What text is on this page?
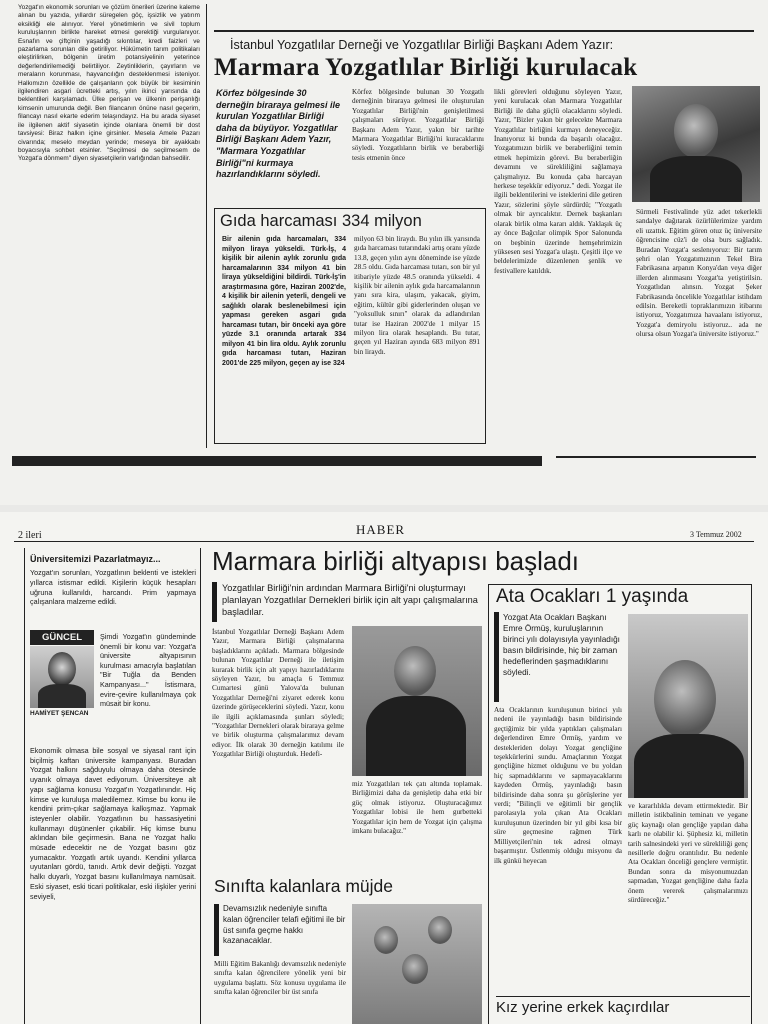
Yozgat'ın ekonomik sorunları ve çözüm önerileri üzerine kaleme alınan bu yazıda, yıllardır süregelen göç, işsizlik ve yatırım eksikliği ele alınıyor. Yerel yönetimlerin ve sivil toplum kuruluşlarının birlikte hareket etmesi gerektiği vurgulanıyor. Esnafın ve çiftçinin yaşadığı sıkıntılar, kredi faizleri ve pazarlama sorunları dile getiriliyor. Hükümetin tarım politikaları eleştirilirken, bölgenin üretim potansiyelinin yeterince değerlendirilemediği belirtiliyor. Zeytinliklerin, çayırların ve meraların korunması, hayvancılığın desteklenmesi isteniyor. Halkımızın özellikle de çalışanların çok büyük bir kesiminin ilgilendiren asgari ücretteki artış, yılın ikinci yarısında da beklentileri karşılamadı. Ülke perişan ve ülkenin perişanlığı kimsenin umurunda değil. Ben filancanın önüne nasıl geçerim, filancayı nasıl ekarte ederim telaşındayız. Ha bu arada siyaset ile ilgilenen aktif siyasetin içinde olanlara önemli bir dost tavsiyesi: Biraz halkın içine girsinler. Mesela Amele Pazarı civarında; meselo meydan yerinde; meseya bir ayakkabı boyacısıyla sohbet etsinler. "Seçilmesi de seçilmesem de Yozgat'a dönmem" diyen siyasetçilerin varlığından bahsedilir.
İstanbul Yozgatlılar Derneği ve Yozgatlılar Birliği Başkanı Adem Yazır:
Marmara Yozgatlılar Birliği kurulacak
Körfez bölgesinde 30 derneğin biraraya gelmesi ile kurulan Yozgatlılar Birliği daha da büyüyor. Yozgatlılar Birliği Başkanı Adem Yazır, "Marmara Yozgatlılar Birliği"ni kurmaya hazırlandıklarını söyledi.
Körfez bölgesinde bulunan 30 Yozgatlı derneğinin biraraya gelmesi ile oluşturulan Yozgatlılar Birliği'nin genişletilmesi çalışmaları sürüyor. Yozgatlılar Birliği Başkanı Adem Yazır, yakın bir tarihte Marmara Yozgatlılar Birliği'ni kuracaklarını söyledi. Yozgatlıların birlik ve beraberliği tesis etmenin önce
likli görevleri olduğunu söyleyen Yazır, yeni kurulacak olan Marmara Yozgatlılar Birliği ile daha güçlü olacaklarını söyledi. Yazır, "Bizler yakın bir gelecekte Marmara Yozgatlılar birliğini kurmayı deneyeceğiz. İnanıyoruz ki bunda da başarılı olacağız. Yozgatımızın birlik ve beraberliğini temin etmek hepimizin görevi. Bu beraberliğin devamını ve sürekliliğini sağlamaya çalışmalıyız. Bu konuda çaba harcayan herkese teşekkür ediyoruz." dedi. Yozgat ile ilgili beklentilerini ve isteklerini dile getiren Yazır, sözlerini şöyle sürdürdü; "Yozgatlı olmak bir ayrıcalıktır. Dernek başkanları olarak birlik olma kararı aldık. Yaklaşık üç ay önce Bağcılar olimpik Spor Salonunda on beşbinin üzerinde hemşehrimizin yüksesen sesi Yozgat'a ulaştı. Çeşitli ilçe ve beldelerimizde düzenlenen şenlik ve festivallere katıldık.
Sürmeli Festivalinde yüz adet tekerlekli sandalye dağıtarak özürlülerimize yardım eli uzattık. Eğitim gören otuz üç üniversite öğrencisine cüz'i de olsa burs sağladık. Buradan Yozgat'a seslenıyoruz: Bir tarım şehri olan Yozgatımızının Tekel Bira Fabrikasına arpanın Konya'dan veya diğer illerden alınmasını Yozgat'ta yetiştirilsin. Yozgatlıdan alınsın. Yozgat Şeker Fabrikasında öncelikle Yozgatlılar istihdam edilsin. Bereketli topraklarımızın itibarını istiyoruz, Yozgatımıza havaalanı istiyoruz, Yozgat'a demiryolu istiyoruz.. ada ne olursa olsun Yozgat'a üniversite istiyoruz."
Gıda harcaması 334 milyon
Bir ailenin gıda harcamaları, 334 milyon liraya yükseldi. Türk-İş, 4 kişilik bir ailenin aylık zorunlu gıda harcamalarının 334 milyon 41 bin liraya yükseldiğini bildirdi. Türk-İş'in araştırmasına göre, Haziran 2002'de, 4 kişilik bir ailenin yeterli, dengeli ve sağlıklı olarak beslenebilmesi için yapması gereken asgari gıda harcaması tutarı, bir önceki aya göre yüzde 3.1 oranında artarak 334 milyon 41 bin lira oldu. Aylık zorunlu gıda harcaması tutarı, Haziran 2001'de 225 milyon, geçen ay ise 324
milyon 63 bin liraydı. Bu yılın ilk yarısında gıda harcaması tutarındaki artış oranı yüzde 13.8, geçen yılın aynı döneminde ise yüzde 28.5 oldu. Gıda harcaması tutarı, son bir yıl itibariyle yüzde 48.5 oranında yükseldi. 4 kişilik bir ailenin aylık gıda harcamalarının yanı sıra kira, ulaşım, yakacak, giyim, eğitim, kültür gibi giderlerinden oluşan ve "yoksulluk sınırı" olarak da adlandırılan tutar ise Haziran 2002'de 1 milyar 15 milyon lira olarak hesaplandı. Bu tutar, geçen yıl Haziran ayında 683 milyon 891 bin liraydı.
2 ileri	HABER	3 Temmuz 2002
Üniversitemizi Pazarlatmayız...
Yozgat'ın sorunları, Yozgatlının beklenti ve istekleri yıllarca istismar edildi. Kişilerin küçük hesapları uğruna kullanıldı, harcandı. Prim yapmaya çalışanlara malzeme edildi.
GÜNCEL
HAMİYET ŞENCAN
Şimdi Yozgat'ın gündeminde önemli bir konu var: Yozgat'a üniversite altyapısının kurulması amacıyla başlatılan "Bir Tuğla da Benden Kampanyası..." İstismara, evire-çevire kullanılmaya çok müsait bir konu.
Ekonomik olmasa bile sosyal ve siyasal rant için biçilmiş kaftan üniversite kampanyası. Buradan Yozgat halkını sağduyulu olmaya daha ötesinde uyanık olmaya davet ediyorum. Üniversiteye alt yapı sağlama konusu Yozgat'ın Yozgatlınındır. Hiç kimse ve kuruluşa maledilemez. Kimse bu konu ile kendini prim-çıkar sağlamaya kalkışmaz. Yapmak isteyenler olabilir. Yozgatlının bu hassasiyetini kullanmayı düşünenler çıkabilir. Hiç kimse bunu aklından bile geçirmesin. Bana ne Yozgat halkı müsade edecektir ne de Yozgat basını göz yumacaktır. Yozgatlı artık uyandı. Kendini yıllarca uyutanları gördü, tanıdı. Artık devir değişti. Yozgat halkı duyarlı, Yozgat basını kullanılmaya namüsait. Eski siyaset, eski ticari politikalar, eski ilişkiler yerini seviyeli,
Marmara birliği altyapısı başladı
Yozgatlılar Birliği'nin ardından Marmara Birliği'ni oluşturmayı planlayan Yozgatlılar Dernekleri birlik için alt yapı çalışmalarına başladılar.
İstanbul Yozgatlılar Derneği Başkanı Adem Yazır, Marmara Birliği çalışmalarına başladıklarını açıkladı. Marmara bölgesinde bulunan Yozgatlılar Derneği ile iletişim kurarak birlik için alt yapıyı hazırladıklarını söyleyen Yazır, bu amaçla 6 Temmuz Cumartesi günü Yalova'da bulunan Yozgatlılar Derneği'ni ziyaret ederek konu üzerinde görüşeceklerini söyledi. Yazır, konu ile ilgili açıklamasında şunları söyledi; "Yozgatlılar Dernekleri olarak biraraya gelme ve birlik oluşturma çalışmalarımız devam ediyor. İlk olarak 30 derneğin katılımı ile Yozgatlılar Birliği oluşturduk. Hedefi-
miz Yozgatlıları tek çatı altında toplamak. Birliğimizi daha da genişletip daha etki bir güç olmak istiyoruz. Oluşturacağımız Yozgatlılar lobisi ile hem gurbetteki Yozgatlılar için hem de Yozgat için çalışma imkanı bulacağız."
Sınıfta kalanlara müjde
Devamsızlık nedeniyle sınıfta kalan öğrenciler telafi eğitimi ile bir üst sınıfa geçme hakkı kazanacaklar.
Milli Eğitim Bakanlığı devamsızlık nedeniyle sınıfta kalan öğrencilere yönelik yeni bir uygulama başlattı. Söz konusu uygulama ile sınıfta kalan öğrenciler bir üst sınıfa
Ata Ocakları 1 yaşında
Yozgat Ata Ocakları Başkanı Emre Örmüş, kuruluşlarının birinci yılı dolayısıyla yayınladığı basın bildirisinde, hiç bir zaman hedeflerinden şaşmadıklarını söyledi.
Ata Ocaklarının kuruluşunun birinci yılı nedeni ile yayınladığı basın bildirisinde geçtiğimiz bir yılda yaptıkları çalışmaları değerlendiren Emre Örmüş, yardım ve destekleriden dolayı Yozgat gençliğine teşekkürlerini sundu. Amaçlarının Yozgat gençliğine hizmet olduğunu ve bu yoldan hiç sapmadıklarını ve sapmayacaklarını kaydeden Örmüş, yayınladığı basın bildirisinde daha sonra şu görüşlerine yer verdi; "Bilinçli ve eğitimli bir gençlik parolasıyla yola çıkan Ata Ocakları kuruluşunun üzerinden bir yıl gibi kısa bir süre geçmesine rağmen Türk Milliyetçileri'nin tek adresi olmayı başarmıştır. Üstlenmiş olduğu misyonu da ilk günkü heyecan
ve kararlılıkla devam ettirmektedir. Bir milletin istikbalinin teminatı ve yegane güç kaynağı olan gençliğe yapılan daha karlı ne olabilir ki. Şüphesiz ki, milletin tarih salnesindeki yeri ve sürekliliği genç nesillerle doğru orantılıdır. Bu nedenle Ata Ocakları önceliği gençlere vermiştir. Bundan sonra da misyonumuzdan sapmadan, Yozgat gençliğine daha fazla önem vererek çalışmalarımızı sürdüreceğiz."
Kız yerine erkek kaçırdılar
